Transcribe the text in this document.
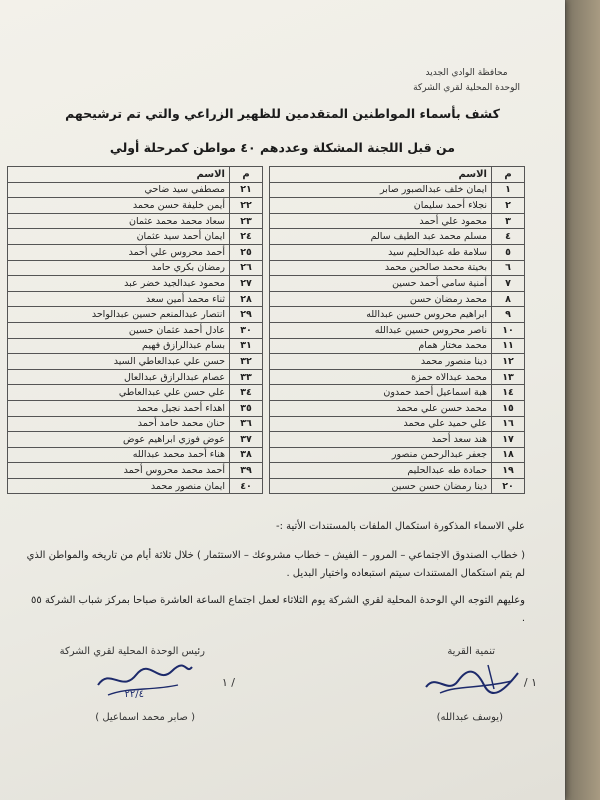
محافظة الوادي الجديد
الوحدة المحلية لقري الشركة
كشف بأسماء المواطنين المتقدمين للظهير الزراعي والتي تم ترشيحهم
من قبل اللجنة المشكلة وعددهم ٤٠ مواطن كمرحلة أولي
م	الاسم
١	ايمان خلف عبدالصبور صابر
٢	نجلاء أحمد سليمان
٣	محمود علي أحمد
٤	مسلم محمد عبد الطيف سالم
٥	سلامة طه عبدالحليم سيد
٦	بخيتة محمد صالحين محمد
٧	أمنية سامي أحمد حسين
٨	محمد رمضان حسن
٩	ابراهيم محروس حسين عبدالله
١٠	ناصر محروس حسين عبدالله
١١	محمد مختار همام
١٢	دينا منصور محمد
١٣	محمد عبدالاه حمزة
١٤	هبة اسماعيل أحمد حمدون
١٥	محمد حسن علي محمد
١٦	علي حميد علي محمد
١٧	هند سعد أحمد
١٨	جعفر عبدالرحمن منصور
١٩	حمادة طه عبدالحليم
٢٠	دينا رمضان حسن حسين
م	الاسم
٢١	مصطفي سيد ضاحي
٢٢	أيمن خليفة حسن محمد
٢٣	سعاد محمد محمد عثمان
٢٤	ايمان أحمد سيد عثمان
٢٥	أحمد محروس علي أحمد
٢٦	رمضان بكري حامد
٢٧	محمود عبدالجيد خضر عبد
٢٨	ثناء محمد أمين سعد
٢٩	انتصار عبدالمنعم حسين عبدالواحد
٣٠	عادل أحمد عثمان حسين
٣١	بسام عبدالرازق فهيم
٣٢	حسن علي عبدالعاطي السيد
٣٣	عصام عبدالرازق عبدالعال
٣٤	علي حسن علي عبدالعاطي
٣٥	اهداء أحمد نجيل محمد
٣٦	حنان محمد حامد أحمد
٣٧	عوض فوزي ابراهيم عوض
٣٨	هناء أحمد محمد عبدالله
٣٩	أحمد محمد محروس أحمد
٤٠	ايمان منصور محمد
علي الاسماء المذكورة استكمال الملفات بالمستندات الأتية :-
( خطاب الصندوق الاجتماعي – المرور – الفيش – خطاب مشروعك – الاستثمار ) خلال ثلاثة أيام من تاريخه والمواطن الذي لم يتم استكمال المستندات سيتم استبعاده واختيار البديل .
وعليهم التوجه الي الوحدة المحلية لقري الشركة يوم الثلاثاء لعمل اجتماع الساعة العاشرة صباحا بمركز شباب الشركة ٥٥ .
تنمية القرية
١ /
(يوسف عبدالله)
رئيس الوحدة المحلية لقري الشركة
٢٢/٤
/ ١
( صابر محمد اسماعيل )
